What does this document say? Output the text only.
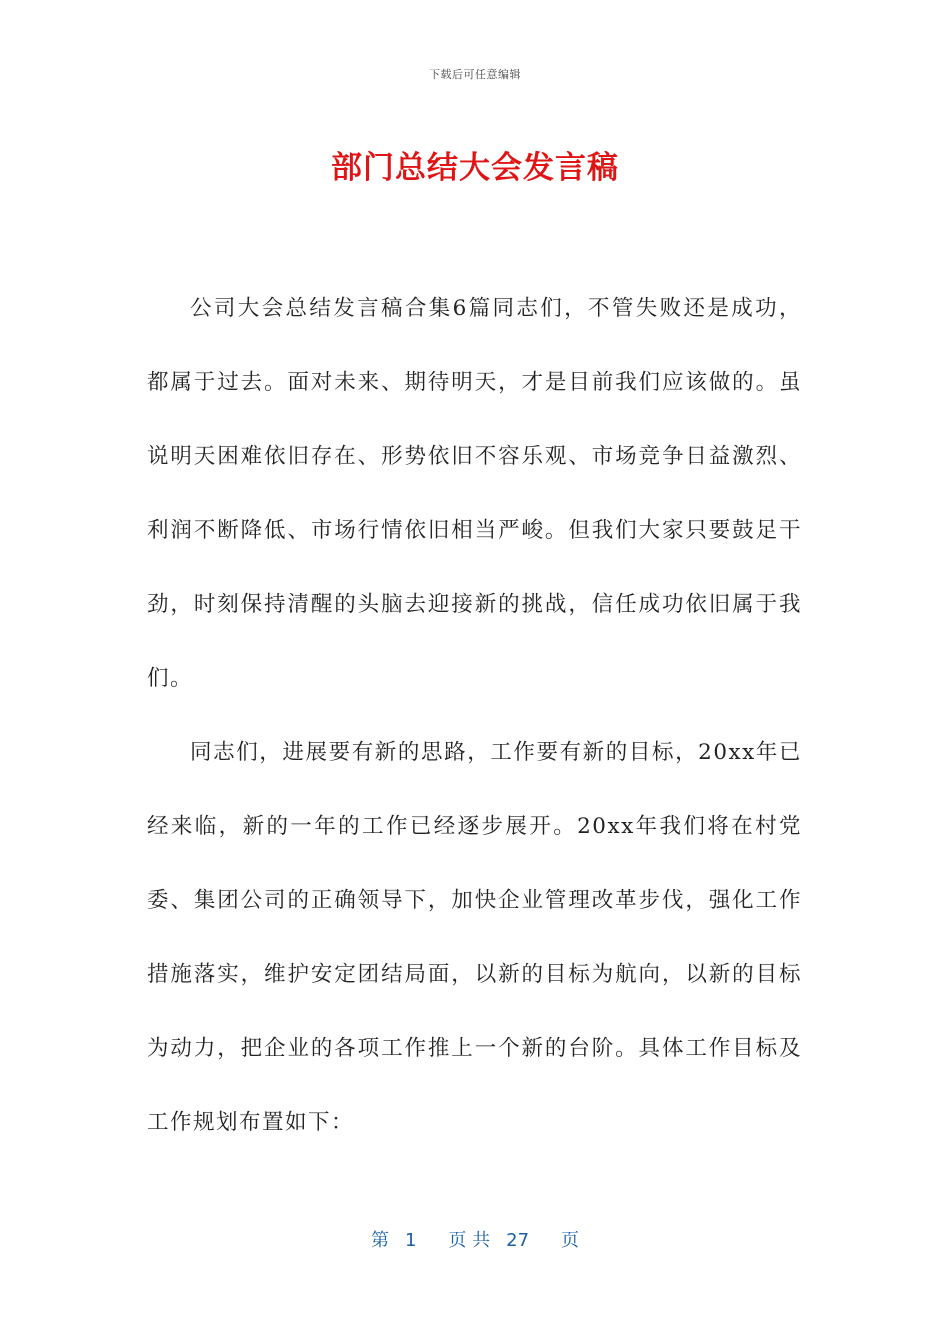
下载后可任意编辑
部门总结大会发言稿

公司大会总结发言稿合集6篇同志们，不管失败还是成功，都属于过去。面对未来、期待明天，才是目前我们应该做的。虽说明天困难依旧存在、形势依旧不容乐观、市场竞争日益激烈、利润不断降低、市场行情依旧相当严峻。但我们大家只要鼓足干劲，时刻保持清醒的头脑去迎接新的挑战，信任成功依旧属于我们。

同志们，进展要有新的思路，工作要有新的目标，20xx年已经来临，新的一年的工作已经逐步展开。20xx年我们将在村党委、集团公司的正确领导下，加快企业管理改革步伐，强化工作措施落实，维护安定团结局面，以新的目标为航向，以新的目标为动力，把企业的各项工作推上一个新的台阶。具体工作目标及工作规划布置如下：

第 1 页 共 27 页
